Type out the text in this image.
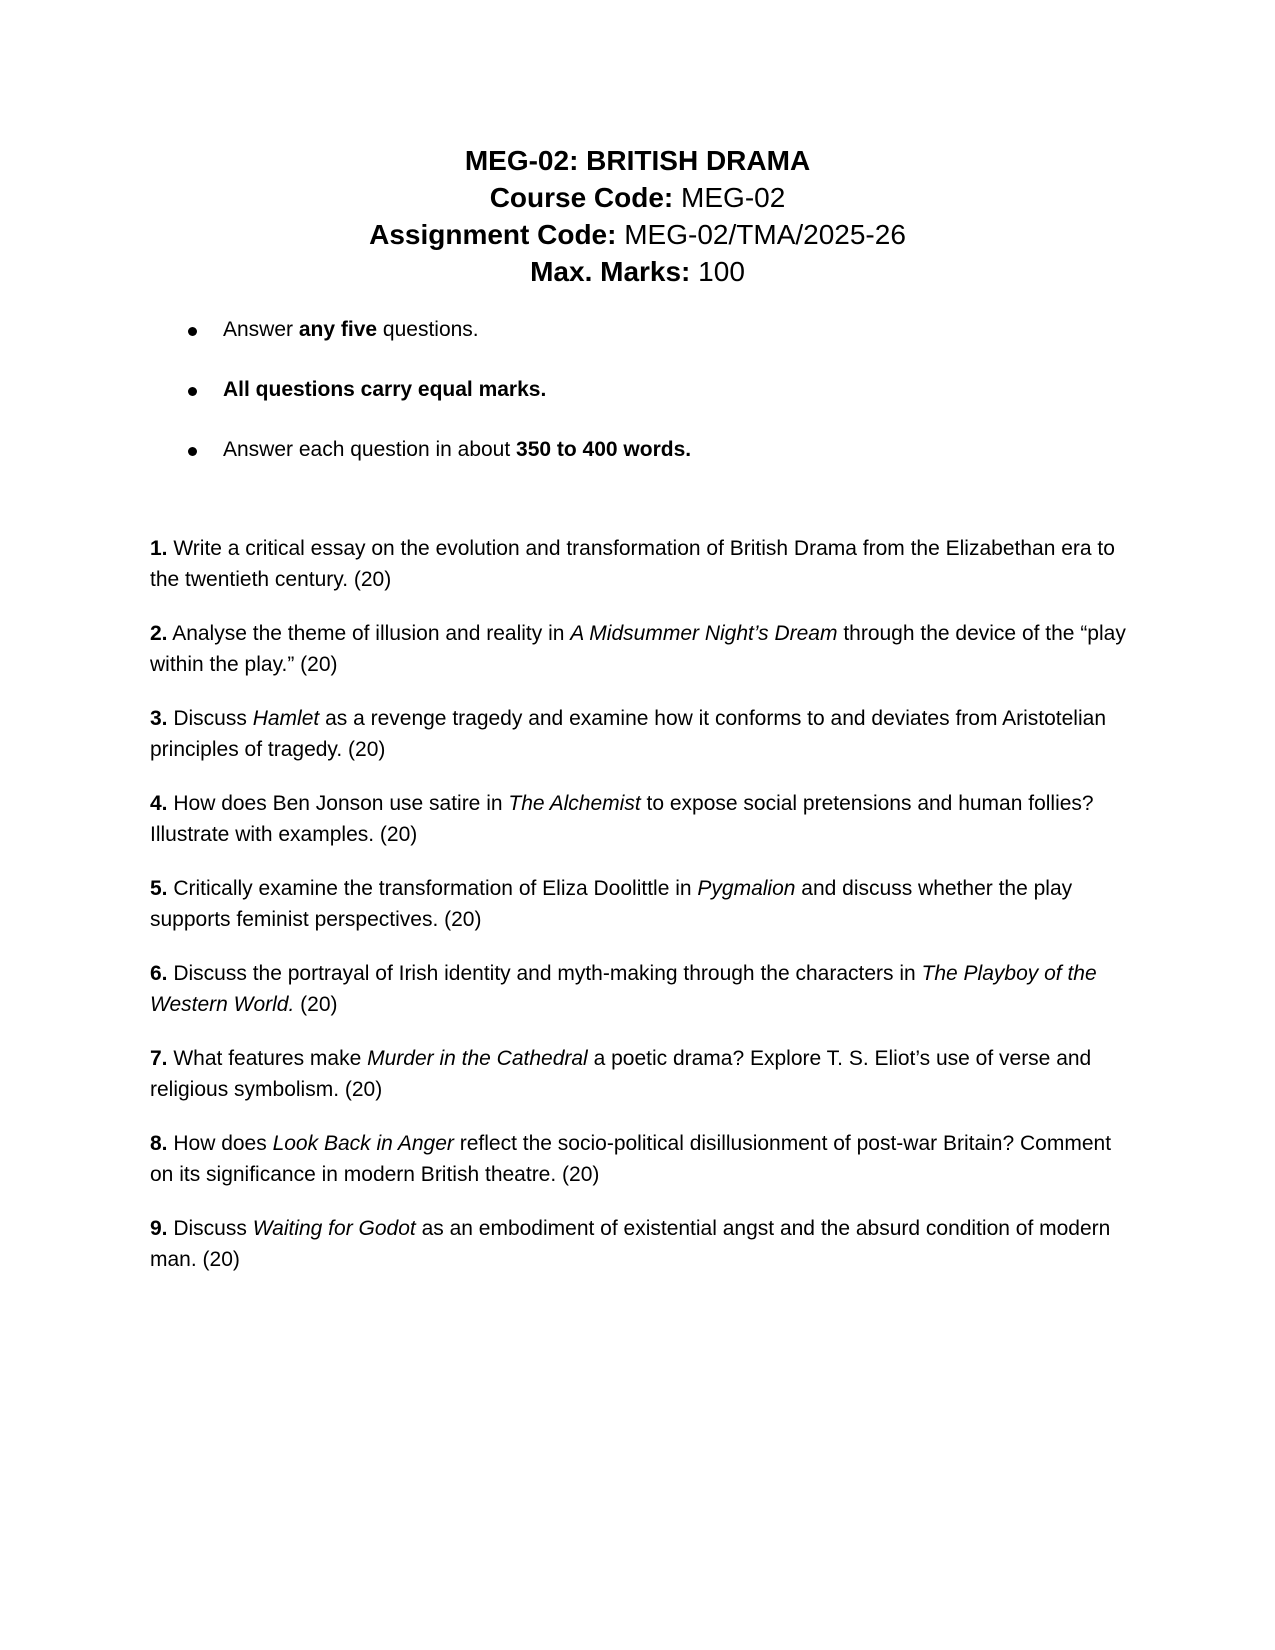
MEG-02: BRITISH DRAMA
Course Code: MEG-02
Assignment Code: MEG-02/TMA/2025-26
Max. Marks: 100
Answer any five questions.
All questions carry equal marks.
Answer each question in about 350 to 400 words.

1. Write a critical essay on the evolution and transformation of British Drama from the Elizabethan era to the twentieth century. (20)

2. Analyse the theme of illusion and reality in A Midsummer Night’s Dream through the device of the “play within the play.” (20)

3. Discuss Hamlet as a revenge tragedy and examine how it conforms to and deviates from Aristotelian principles of tragedy. (20)

4. How does Ben Jonson use satire in The Alchemist to expose social pretensions and human follies? Illustrate with examples. (20)

5. Critically examine the transformation of Eliza Doolittle in Pygmalion and discuss whether the play supports feminist perspectives. (20)

6. Discuss the portrayal of Irish identity and myth-making through the characters in The Playboy of the Western World. (20)

7. What features make Murder in the Cathedral a poetic drama? Explore T. S. Eliot’s use of verse and religious symbolism. (20)

8. How does Look Back in Anger reflect the socio-political disillusionment of post-war Britain? Comment on its significance in modern British theatre. (20)

9. Discuss Waiting for Godot as an embodiment of existential angst and the absurd condition of modern man. (20)
